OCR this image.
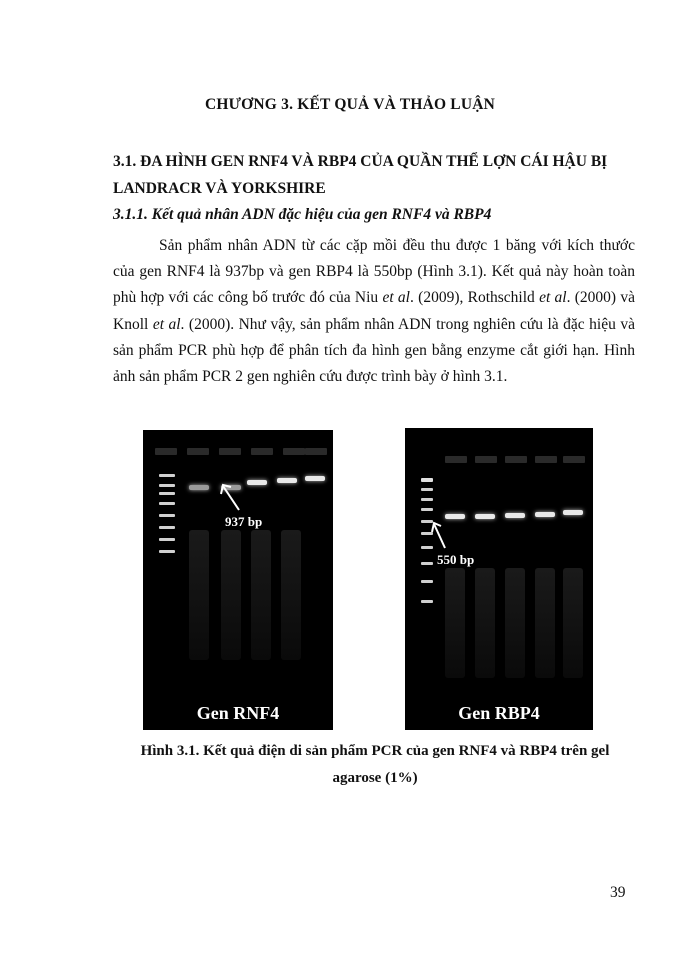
CHƯƠNG 3. KẾT QUẢ VÀ THẢO LUẬN
3.1. ĐA HÌNH GEN RNF4 VÀ RBP4 CỦA QUẦN THỂ LỢN CÁI HẬU BỊ LANDRACR VÀ YORKSHIRE
3.1.1. Kết quả nhân ADN đặc hiệu của gen RNF4 và RBP4
Sản phẩm nhân ADN từ các cặp mồi đều thu được 1 băng với kích thước của gen RNF4 là 937bp và gen RBP4 là 550bp (Hình 3.1). Kết quả này hoàn toàn phù hợp với các công bố trước đó của Niu et al. (2009), Rothschild et al. (2000) và Knoll et al. (2000). Như vậy, sản phẩm nhân ADN trong nghiên cứu là đặc hiệu và sản phẩm PCR phù hợp để phân tích đa hình gen bằng enzyme cắt giới hạn. Hình ảnh sản phẩm PCR 2 gen nghiên cứu được trình bày ở hình 3.1.
937 bp
Gen RNF4
550 bp
Gen RBP4
Hình 3.1. Kết quả điện di sản phẩm PCR của gen RNF4 và RBP4 trên gel
agarose (1%)
39
